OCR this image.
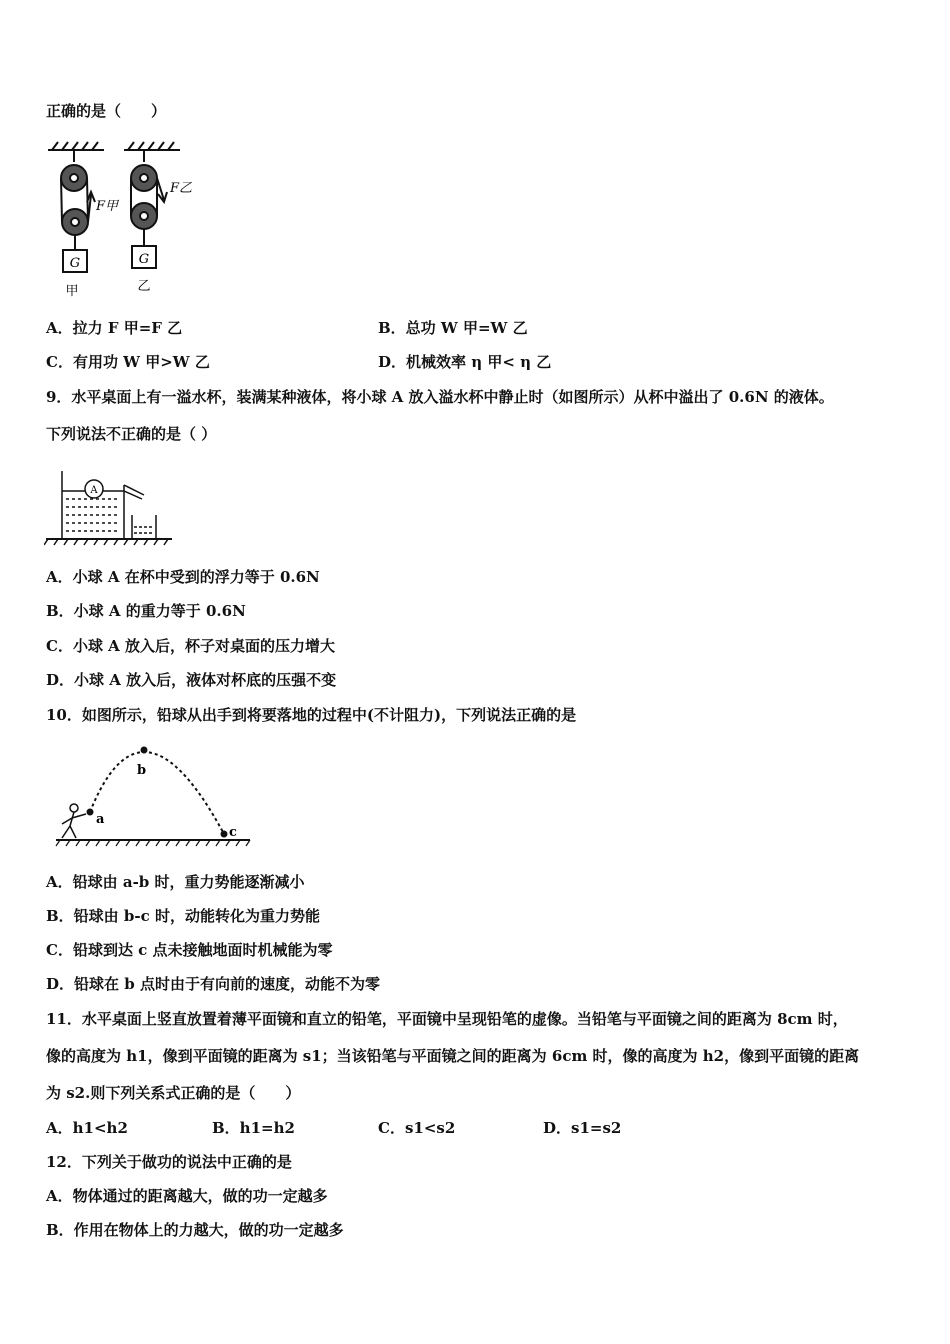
正确的是（　　）
G	G
F甲
F乙
甲	乙
A．拉力 F 甲=F 乙	B．总功 W 甲=W 乙
C．有用功 W 甲>W 乙	D．机械效率 η 甲< η 乙
9．水平桌面上有一溢水杯，装满某种液体，将小球 A 放入溢水杯中静止时（如图所示）从杯中溢出了 0.6N 的液体。
下列说法不正确的是（ ）
A
A．小球 A 在杯中受到的浮力等于 0.6N
B．小球 A 的重力等于 0.6N
C．小球 A 放入后，杯子对桌面的压力增大
D．小球 A 放入后，液体对杯底的压强不变
10．如图所示，铅球从出手到将要落地的过程中(不计阻力)，下列说法正确的是
a
b
c
A．铅球由 a-b 时，重力势能逐渐减小
B．铅球由 b-c 时，动能转化为重力势能
C．铅球到达 c 点未接触地面时机械能为零
D．铅球在 b 点时由于有向前的速度，动能不为零
11．水平桌面上竖直放置着薄平面镜和直立的铅笔，平面镜中呈现铅笔的虚像。当铅笔与平面镜之间的距离为 8cm 时，
像的高度为 h1，像到平面镜的距离为 s1；当该铅笔与平面镜之间的距离为 6cm 时，像的高度为 h2，像到平面镜的距离
为 s2.则下列关系式正确的是（　　）
A．h1<h2	B．h1=h2	C．s1<s2	D．s1=s2
12．下列关于做功的说法中正确的是
A．物体通过的距离越大，做的功一定越多
B．作用在物体上的力越大，做的功一定越多
